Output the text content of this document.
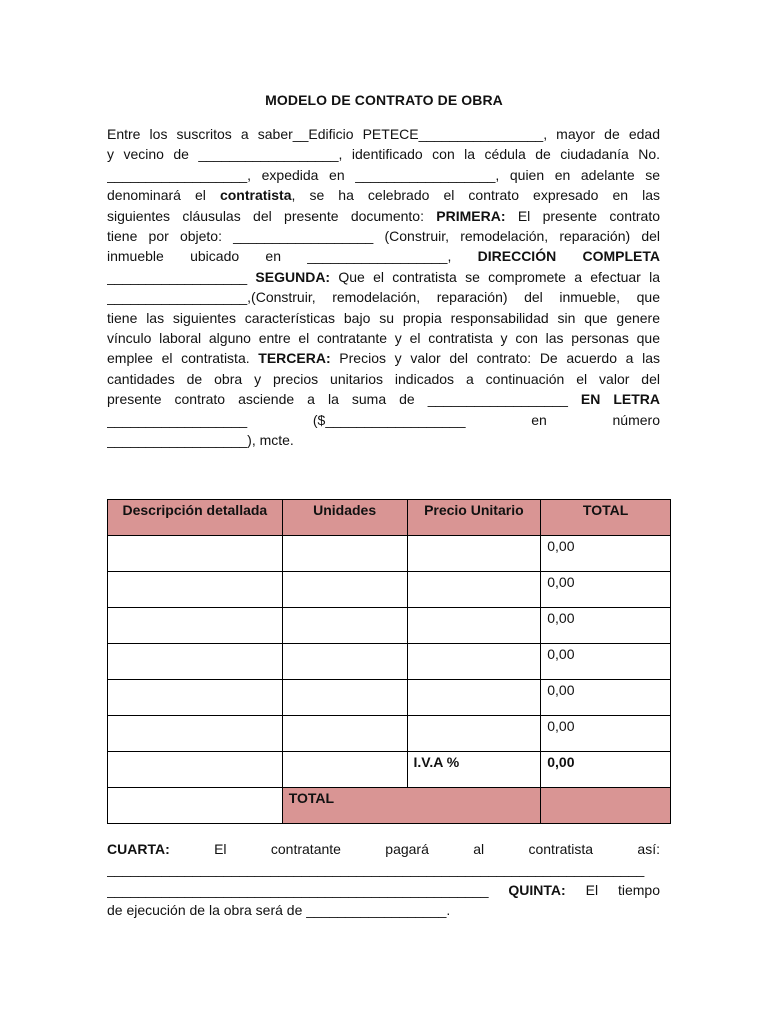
MODELO DE CONTRATO DE OBRA
Entre los suscritos a saber__Edificio PETECE________________, mayor de edad
y vecino de __________________, identificado con la cédula de ciudadanía No.
__________________, expedida en __________________, quien en adelante se
denominará el contratista, se ha celebrado el contrato expresado en las
siguientes cláusulas del presente documento: PRIMERA: El presente contrato
tiene por objeto: __________________ (Construir, remodelación, reparación) del
inmueble ubicado en __________________, DIRECCIÓN COMPLETA
__________________ SEGUNDA: Que el contratista se compromete a efectuar la
__________________,(Construir, remodelación, reparación) del inmueble, que
tiene las siguientes características bajo su propia responsabilidad sin que genere
vínculo laboral alguno entre el contratante y el contratista y con las personas que
emplee el contratista. TERCERA: Precios y valor del contrato: De acuerdo a las
cantidades de obra y precios unitarios indicados a continuación el valor del
presente contrato asciende a la suma de __________________ EN LETRA
__________________ ($__________________ en número
__________________), mcte.
Descripción detallada	Unidades	Precio Unitario	TOTAL
			0,00
			0,00
			0,00
			0,00
			0,00
			0,00
		I.V.A %	0,00
	TOTAL		
CUARTA: El contratante pagará al contratista así:
_____________________________________________________________________
_________________________________________________ QUINTA: El tiempo
de ejecución de la obra será de __________________.
